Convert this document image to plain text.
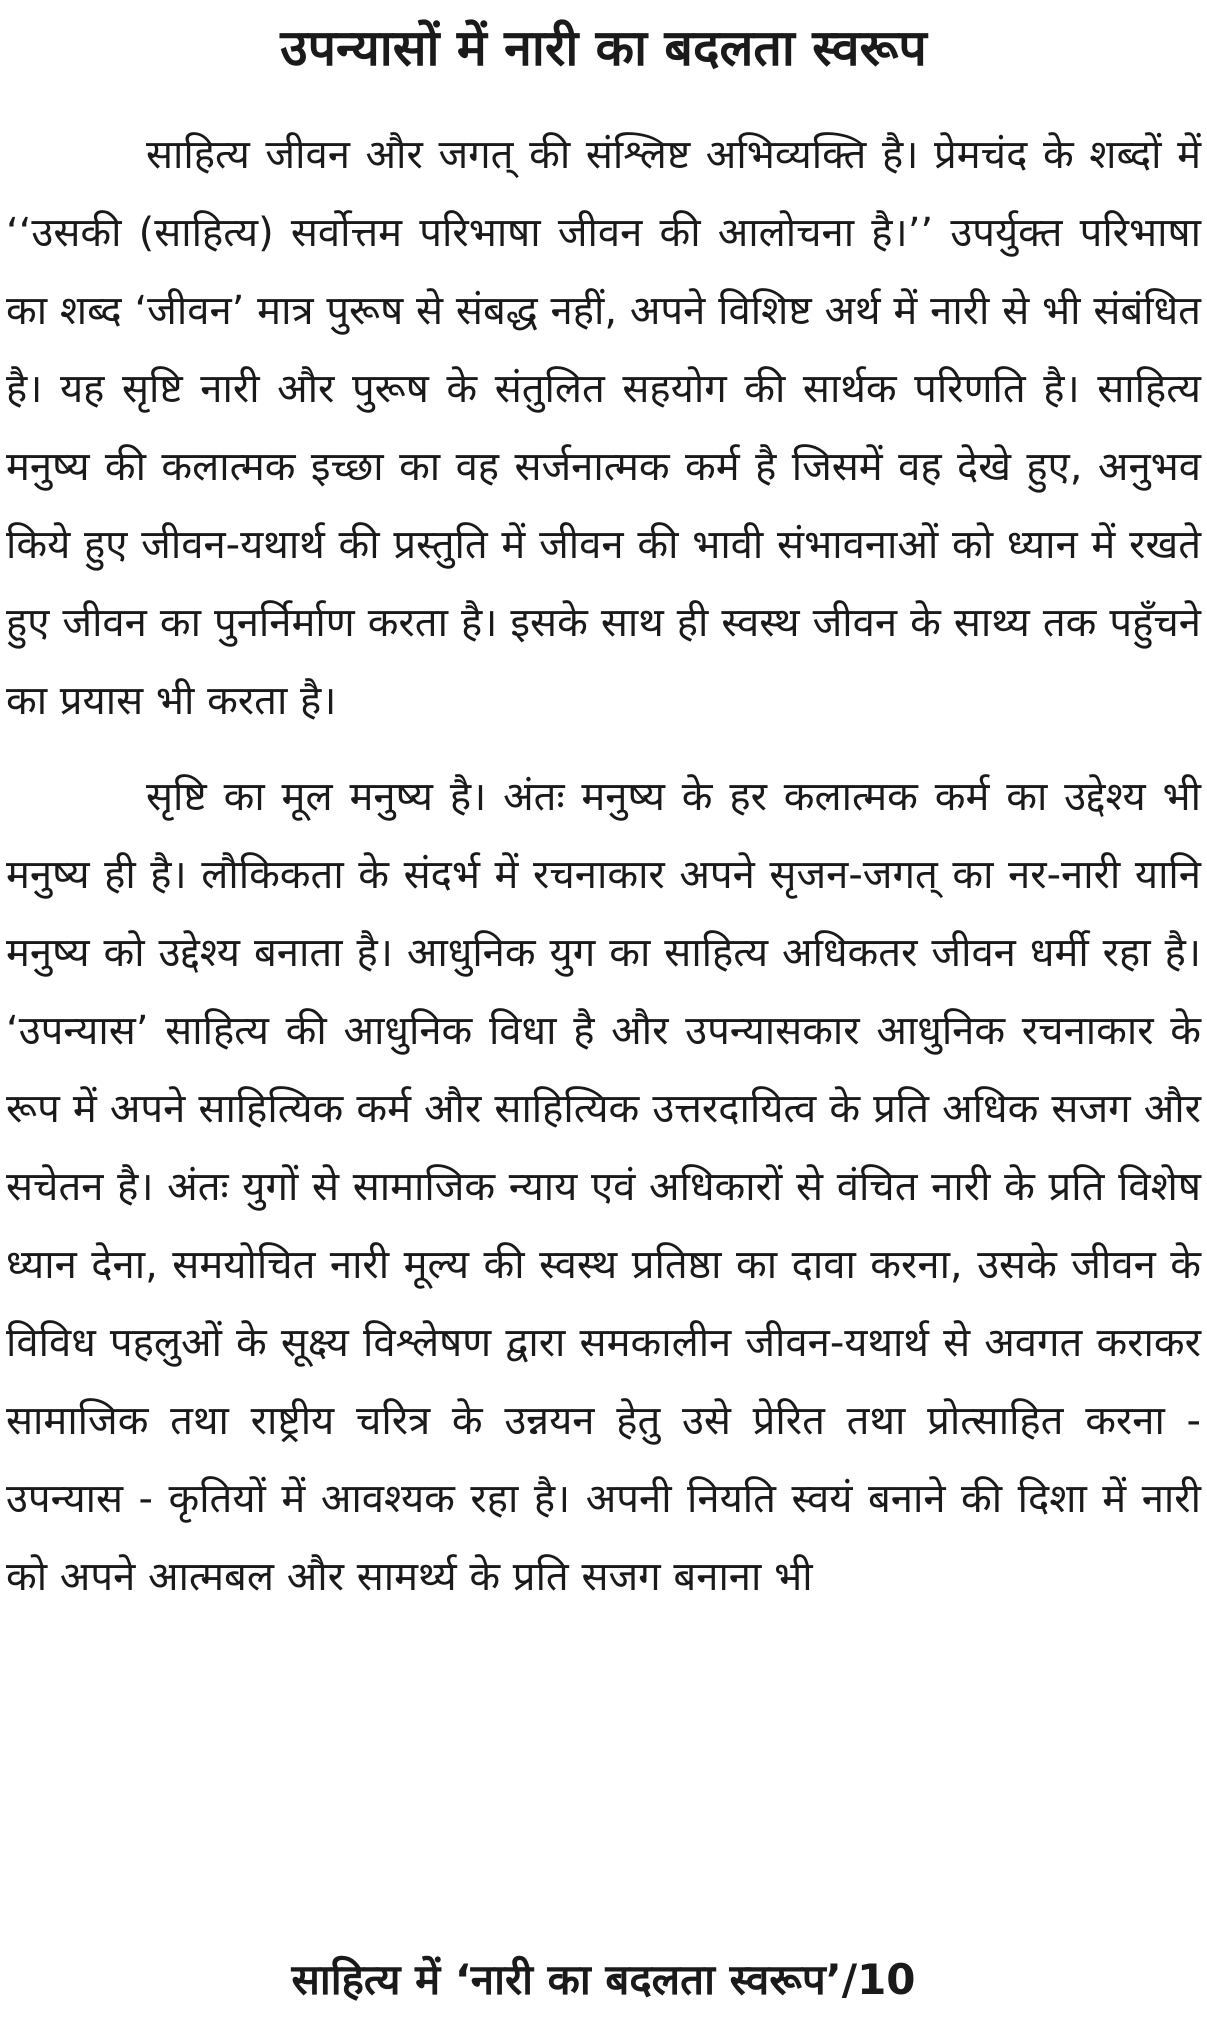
उपन्यासों में नारी का बदलता स्वरूप

साहित्य जीवन और जगत् की संश्लिष्ट अभिव्यक्ति है। प्रेमचंद के शब्दों में ‘‘उसकी (साहित्य) सर्वोत्तम परिभाषा जीवन की आलोचना है।’’ उपर्युक्त परिभाषा का शब्द ‘जीवन’ मात्र पुरूष से संबद्ध नहीं, अपने विशिष्ट अर्थ में नारी से भी संबंधित है। यह सृष्टि नारी और पुरूष के संतुलित सहयोग की सार्थक परिणति है। साहित्य मनुष्य की कलात्मक इच्छा का वह सर्जनात्मक कर्म है जिसमें वह देखे हुए, अनुभव किये हुए जीवन-यथार्थ की प्रस्तुति में जीवन की भावी संभावनाओं को ध्यान में रखते हुए जीवन का पुनर्निर्माण करता है। इसके साथ ही स्वस्थ जीवन के साथ्य तक पहुँचने का प्रयास भी करता है।

सृष्टि का मूल मनुष्य है। अंतः मनुष्य के हर कलात्मक कर्म का उद्देश्य भी मनुष्य ही है। लौकिकता के संदर्भ में रचनाकार अपने सृजन-जगत् का नर-नारी यानि मनुष्य को उद्देश्य बनाता है। आधुनिक युग का साहित्य अधिकतर जीवन धर्मी रहा है। ‘उपन्यास’ साहित्य की आधुनिक विधा है और उपन्यासकार आधुनिक रचनाकार के रूप में अपने साहित्यिक कर्म और साहित्यिक उत्तरदायित्व के प्रति अधिक सजग और सचेतन है। अंतः युगों से सामाजिक न्याय एवं अधिकारों से वंचित नारी के प्रति विशेष ध्यान देना, समयोचित नारी मूल्य की स्वस्थ प्रतिष्ठा का दावा करना, उसके जीवन के विविध पहलुओं के सूक्ष्य विश्लेषण द्वारा समकालीन जीवन-यथार्थ से अवगत कराकर सामाजिक तथा राष्ट्रीय चरित्र के उन्नयन हेतु उसे प्रेरित तथा प्रोत्साहित करना - उपन्यास - कृतियों में आवश्यक रहा है। अपनी नियति स्वयं बनाने की दिशा में नारी को अपने आत्मबल और सामर्थ्य के प्रति सजग बनाना भी

साहित्य में ‘नारी का बदलता स्वरूप’/10
